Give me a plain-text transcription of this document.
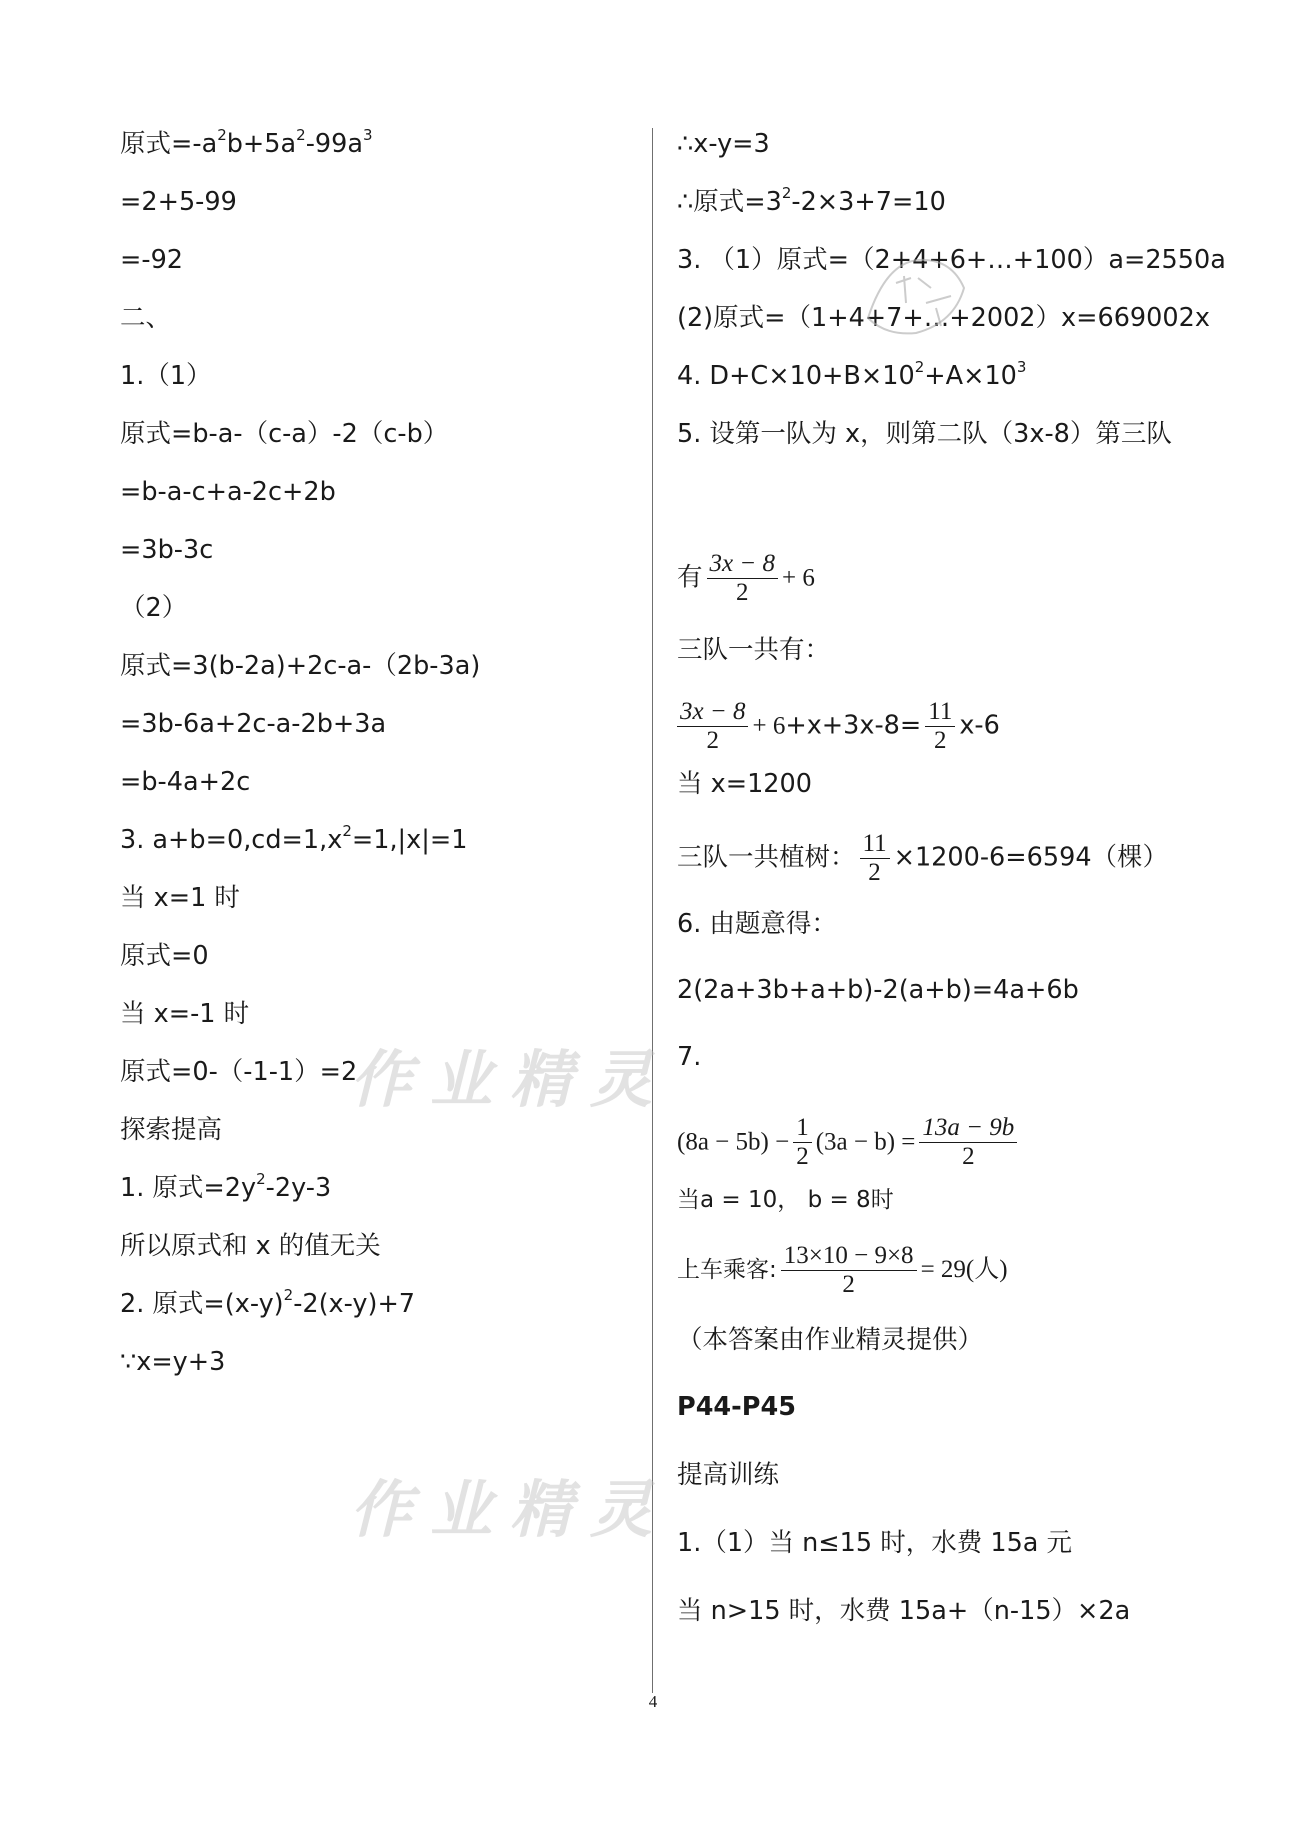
原式$=-a^2b+5a^2-99a^3$
=2+5-99
=-92
二、
1.（1）
原式=b-a-（c-a）-2（c-b）
=b-a-c+a-2c+2b
=3b-3c
（2）
原式=3(b-2a)+2c-a-（2b-3a)
=3b-6a+2c-a-2b+3a
=b-4a+2c
3. $a+b=0,cd=1,x^2=1,|x|=1$
当 x=1 时
原式=0
当 x=-1 时
原式=0-（-1-1）=2
探索提高
1. 原式$=2y^2-2y-3$
所以原式和 x 的值无关
2. 原式$=(x-y)^2-2(x-y)+7$
∵x=y+3
∴x-y=3
∴原式$=3^2-2\times 3+7=10$
3. （1）原式=（2+4+6+…+100）a=2550a
(2)原式=（1+4+7+…+2002）x=669002x
4. $D+C\times 10+B\times 10^2+A\times 10^3$
5. 设第一队为 x，则第二队（3x-8）第三队
有 $\frac{3x - 8}{2} + 6$
三队一共有：
$\frac{3x - 8}{2} + 6+x+3x-8= \frac{11}{2} x-6$
当 x=1200
三队一共植树： $\frac{11}{2} \times 1200-6=6594$（棵）
6. 由题意得：
2(2a+3b+a+b)-2(a+b)=4a+6b
7.
$(8a - 5b) - \frac{1}{2} (3a - b) = \frac{13a - 9b}{2}$
当a = 10， b = 8时
上车乘客: $\frac{13\times 10 - 9\times 8}{2} = 29$(人)
（本答案由作业精灵提供）
P44-P45
提高训练
1.（1）当 n≤15 时，水费 15a 元
当 n>15 时，水费 15a+（n-15）×2a
作业精灵
作业精灵
4
